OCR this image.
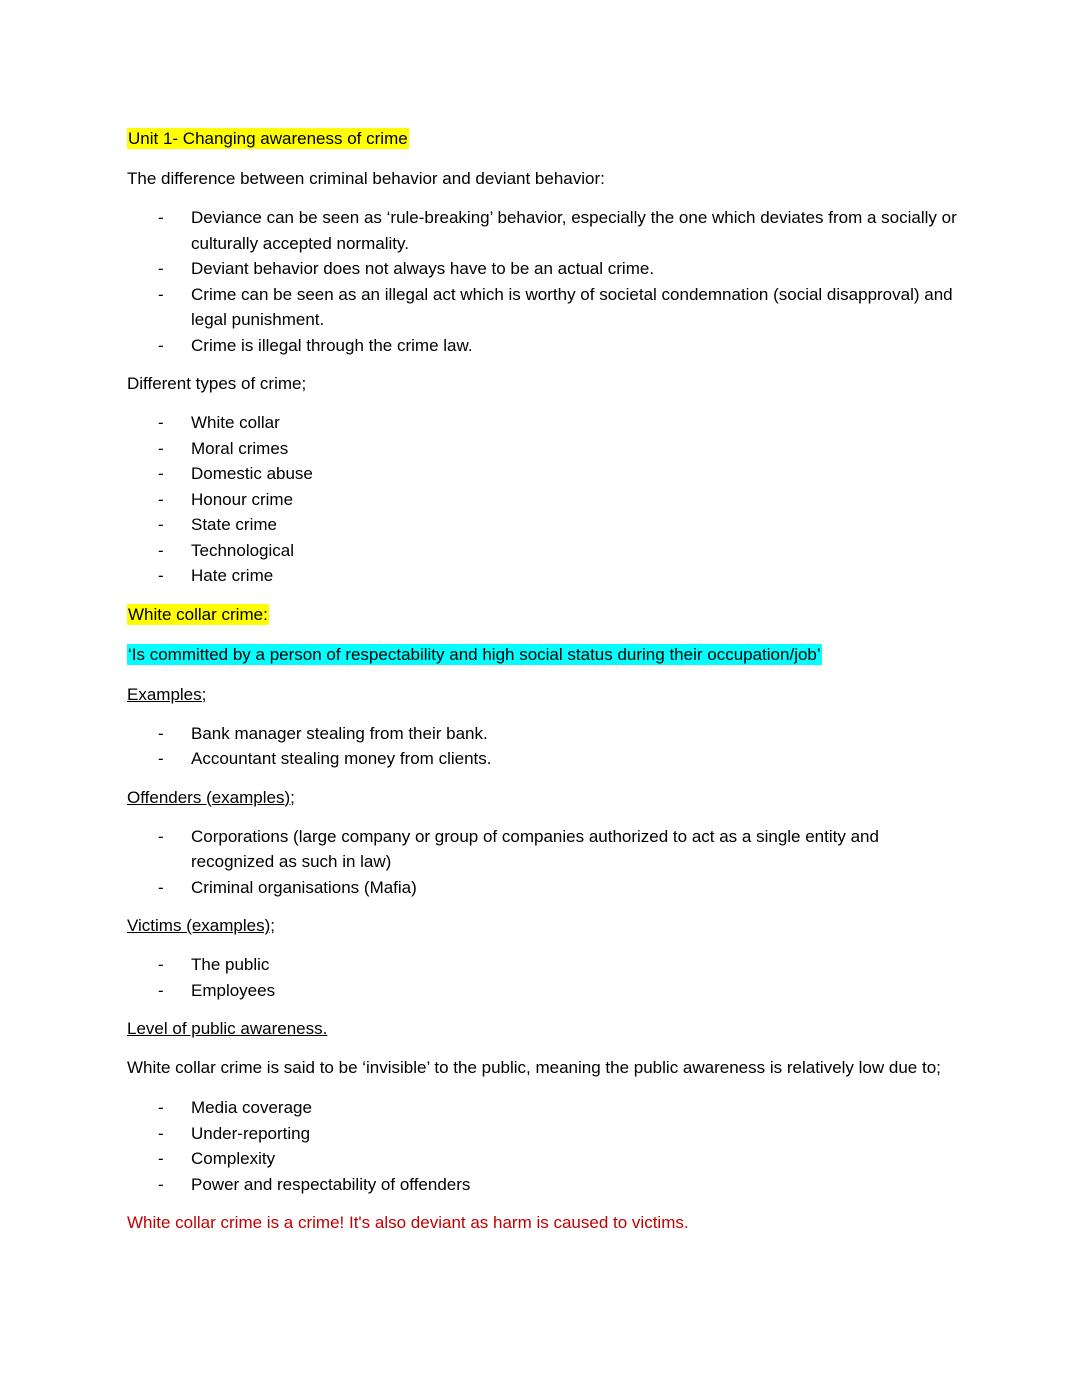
Unit 1- Changing awareness of crime

The difference between criminal behavior and deviant behavior:

- Deviance can be seen as ‘rule-breaking’ behavior, especially the one which deviates from a socially or culturally accepted normality.
- Deviant behavior does not always have to be an actual crime.
- Crime can be seen as an illegal act which is worthy of societal condemnation (social disapproval) and legal punishment.
- Crime is illegal through the crime law.

Different types of crime;

- White collar
- Moral crimes
- Domestic abuse
- Honour crime
- State crime
- Technological
- Hate crime

White collar crime:

‘Is committed by a person of respectability and high social status during their occupation/job’

Examples;

- Bank manager stealing from their bank.
- Accountant stealing money from clients.

Offenders (examples);

- Corporations (large company or group of companies authorized to act as a single entity and recognized as such in law)
- Criminal organisations (Mafia)

Victims (examples);

- The public
- Employees

Level of public awareness.

White collar crime is said to be ‘invisible’ to the public, meaning the public awareness is relatively low due to;

- Media coverage
- Under-reporting
- Complexity
- Power and respectability of offenders

White collar crime is a crime! It's also deviant as harm is caused to victims.
